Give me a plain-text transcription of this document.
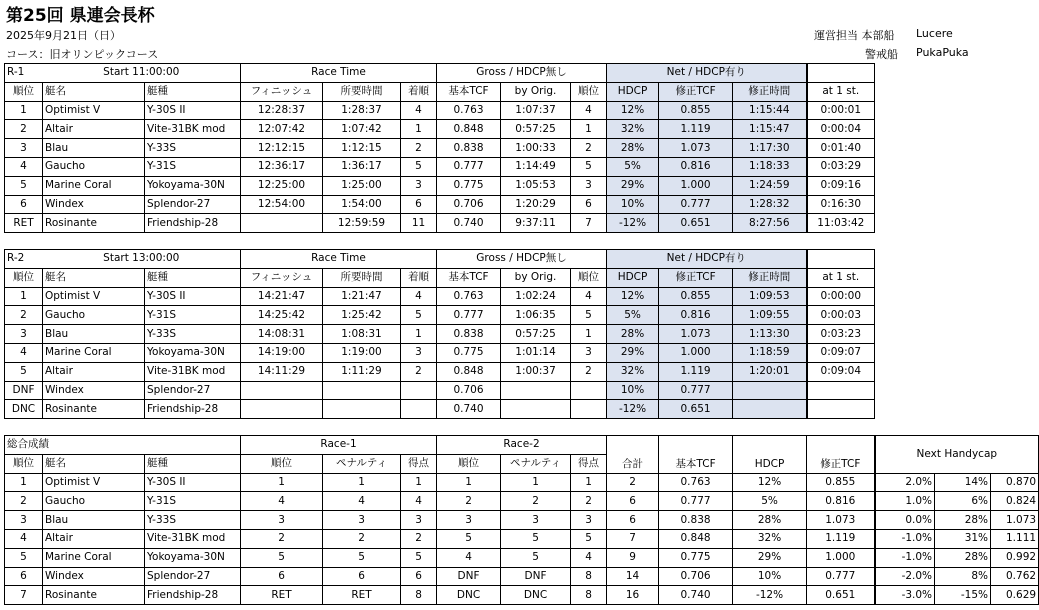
第25回 県連会長杯
2025年9月21日（日）
コース：旧オリンピックコース
運営担当 本部船 Lucere
警戒船 PukaPuka
R-1	Start 11:00:00		Race Time			Gross / HDCP無し			Net / HDCP有り			
順位	艇名	艇種	フィニッシュ	所要時間	着順	基本TCF	by Orig.	順位	HDCP	修正TCF	修正時間	at 1 st.
1	Optimist V	Y-30S II	12:28:37	1:28:37	4	0.763	1:07:37	4	12%	0.855	1:15:44	0:00:01
2	Altair	Vite-31BK mod	12:07:42	1:07:42	1	0.848	0:57:25	1	32%	1.119	1:15:47	0:00:04
3	Blau	Y-33S	12:12:15	1:12:15	2	0.838	1:00:33	2	28%	1.073	1:17:30	0:01:40
4	Gaucho	Y-31S	12:36:17	1:36:17	5	0.777	1:14:49	5	5%	0.816	1:18:33	0:03:29
5	Marine Coral	Yokoyama-30N	12:25:00	1:25:00	3	0.775	1:05:53	3	29%	1.000	1:24:59	0:09:16
6	Windex	Splendor-27	12:54:00	1:54:00	6	0.706	1:20:29	6	10%	0.777	1:28:32	0:16:30
RET	Rosinante	Friendship-28		12:59:59	11	0.740	9:37:11	7	-12%	0.651	8:27:56	11:03:42
R-2	Start 13:00:00		Race Time			Gross / HDCP無し			Net / HDCP有り			
順位	艇名	艇種	フィニッシュ	所要時間	着順	基本TCF	by Orig.	順位	HDCP	修正TCF	修正時間	at 1 st.
1	Optimist V	Y-30S II	14:21:47	1:21:47	4	0.763	1:02:24	4	12%	0.855	1:09:53	0:00:00
2	Gaucho	Y-31S	14:25:42	1:25:42	5	0.777	1:06:35	5	5%	0.816	1:09:55	0:00:03
3	Blau	Y-33S	14:08:31	1:08:31	1	0.838	0:57:25	1	28%	1.073	1:13:30	0:03:23
4	Marine Coral	Yokoyama-30N	14:19:00	1:19:00	3	0.775	1:01:14	3	29%	1.000	1:18:59	0:09:07
5	Altair	Vite-31BK mod	14:11:29	1:11:29	2	0.848	1:00:37	2	32%	1.119	1:20:01	0:09:04
DNF	Windex	Splendor-27				0.706			10%	0.777		
DNC	Rosinante	Friendship-28				0.740			-12%	0.651		
総合成績			Race-1			Race-2			合計	基本TCF	HDCP	修正TCF	Next Handycap		
順位	艇名	艇種	順位	ペナルティ	得点	順位	ペナルティ	得点							
1	Optimist V	Y-30S II	1	1	1	1	1	1	2	0.763	12%	0.855	2.0%	14%	0.870
2	Gaucho	Y-31S	4	4	4	2	2	2	6	0.777	5%	0.816	1.0%	6%	0.824
3	Blau	Y-33S	3	3	3	3	3	3	6	0.838	28%	1.073	0.0%	28%	1.073
4	Altair	Vite-31BK mod	2	2	2	5	5	5	7	0.848	32%	1.119	-1.0%	31%	1.111
5	Marine Coral	Yokoyama-30N	5	5	5	4	5	4	9	0.775	29%	1.000	-1.0%	28%	0.992
6	Windex	Splendor-27	6	6	6	DNF	DNF	8	14	0.706	10%	0.777	-2.0%	8%	0.762
7	Rosinante	Friendship-28	RET	RET	8	DNC	DNC	8	16	0.740	-12%	0.651	-3.0%	-15%	0.629
